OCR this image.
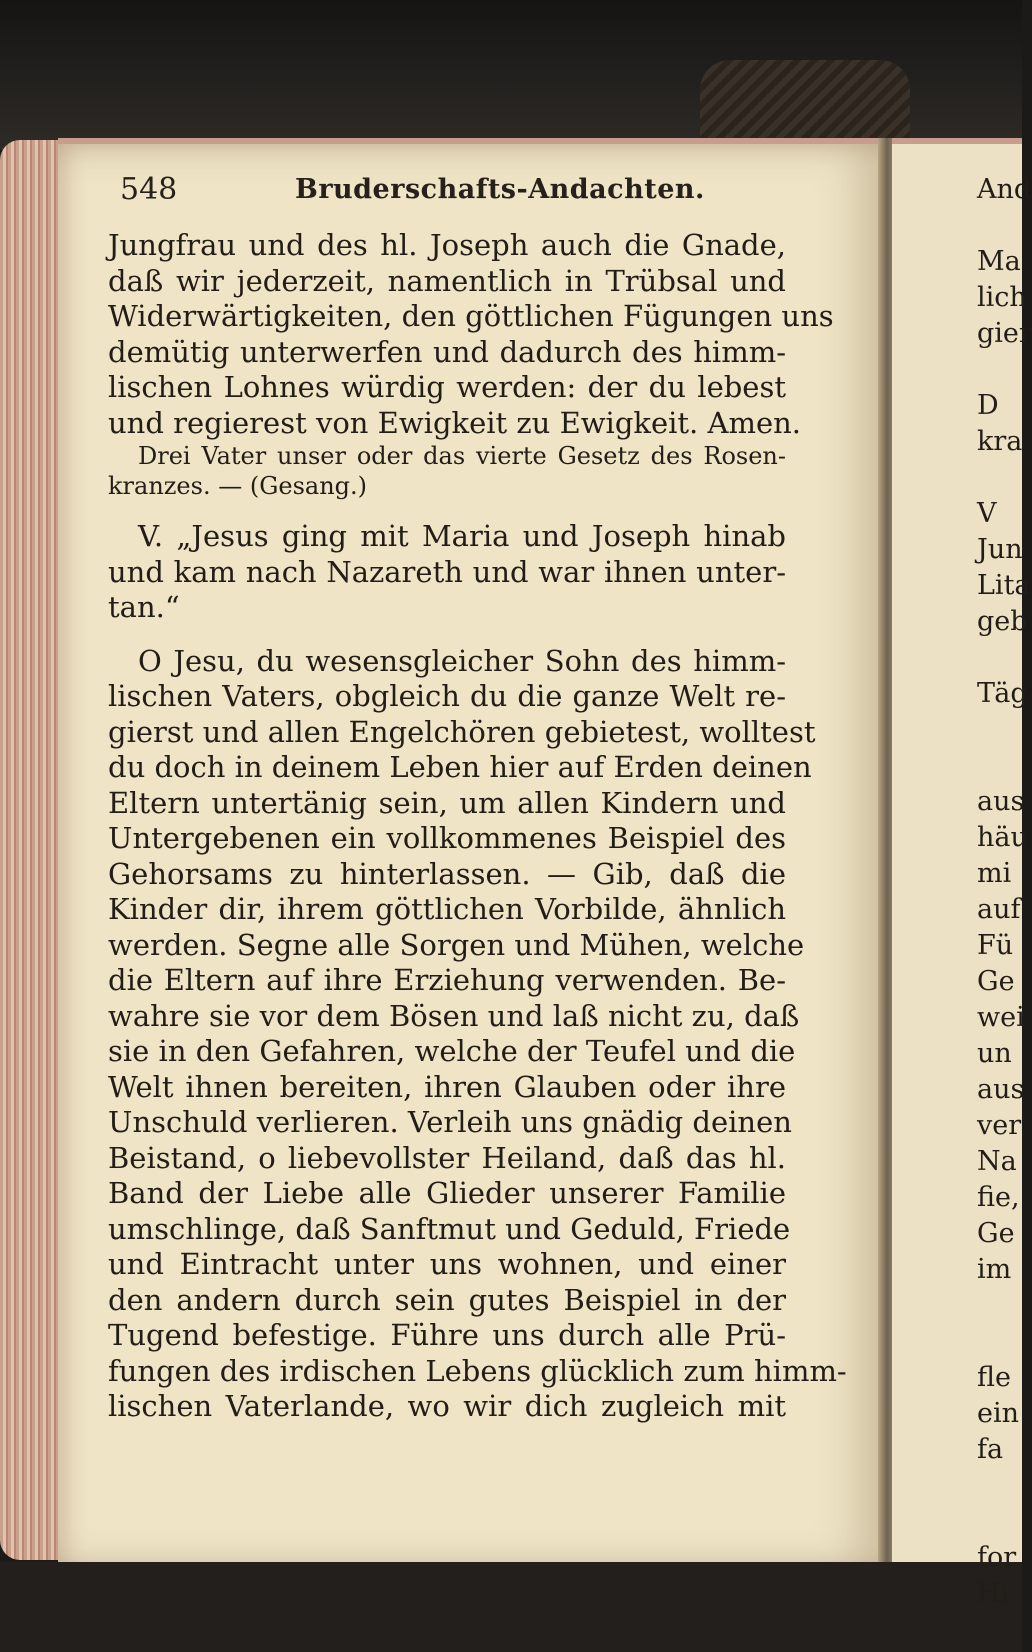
548	Bruderschafts-Andachten.
Jungfrau und des hl. Joseph auch die Gnade,
daß wir jederzeit, namentlich in Trübsal und
Widerwärtigkeiten, den göttlichen Fügungen uns
demütig unterwerfen und dadurch des himm-
lischen Lohnes würdig werden: der du lebest
und regierest von Ewigkeit zu Ewigkeit. Amen.
Drei Vater unser oder das vierte Gesetz des Rosen-
kranzes. — (Gesang.)
V. „Jesus ging mit Maria und Joseph hinab
und kam nach Nazareth und war ihnen unter-
tan.“
O Jesu, du wesensgleicher Sohn des himm-
lischen Vaters, obgleich du die ganze Welt re-
gierst und allen Engelchören gebietest, wolltest
du doch in deinem Leben hier auf Erden deinen
Eltern untertänig sein, um allen Kindern und
Untergebenen ein vollkommenes Beispiel des
Gehorsams zu hinterlassen. — Gib, daß die
Kinder dir, ihrem göttlichen Vorbilde, ähnlich
werden. Segne alle Sorgen und Mühen, welche
die Eltern auf ihre Erziehung verwenden. Be-
wahre sie vor dem Bösen und laß nicht zu, daß
sie in den Gefahren, welche der Teufel und die
Welt ihnen bereiten, ihren Glauben oder ihre
Unschuld verlieren. Verleih uns gnädig deinen
Beistand, o liebevollster Heiland, daß das hl.
Band der Liebe alle Glieder unserer Familie
umschlinge, daß Sanftmut und Geduld, Friede
und Eintracht unter uns wohnen, und einer
den andern durch sein gutes Beispiel in der
Tugend befestige. Führe uns durch alle Prü-
fungen des irdischen Lebens glücklich zum himm-
lischen Vaterlande, wo wir dich zugleich mit
And
Ma
lich
gier
D
kra
V
Jun
Lita
geb
Täg
aus
häu
mi
auf
Fü
Ge
wei
un
aus
ver
Na
fie,
Ge
im
fle
ein
fa
for
Hi
